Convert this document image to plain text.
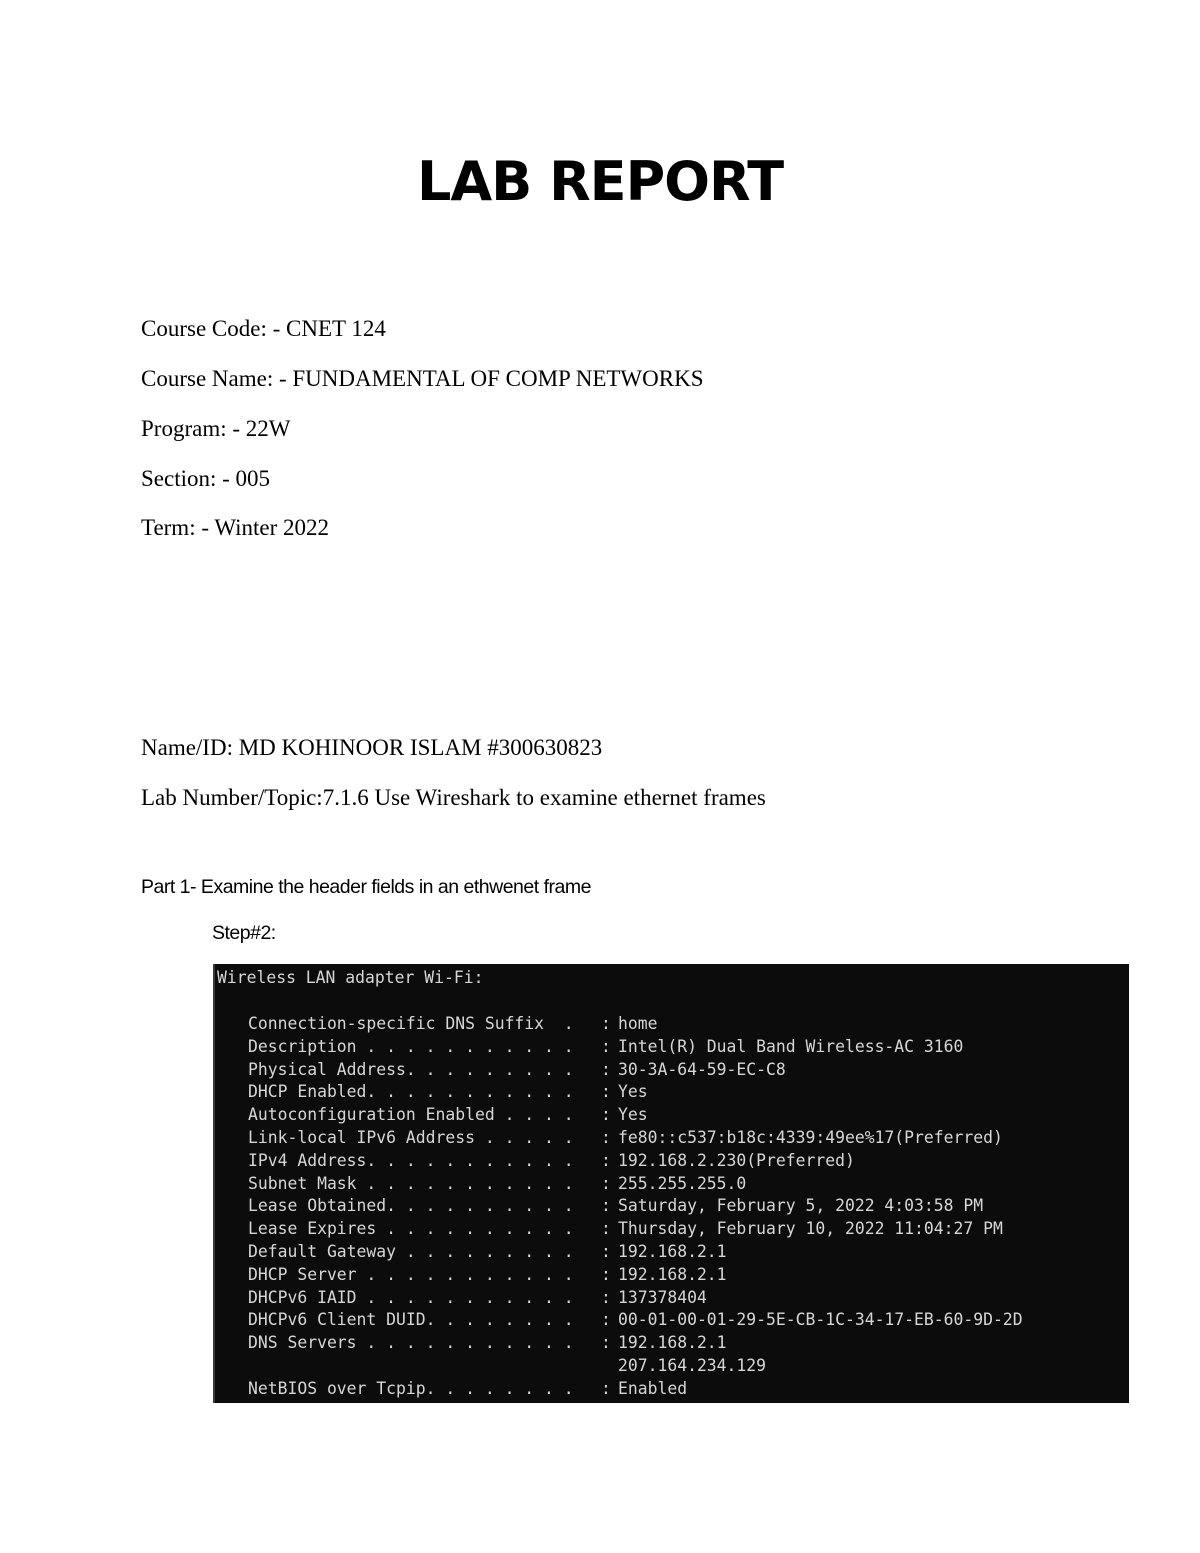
LAB REPORT

Course Code: - CNET 124

Course Name: - FUNDAMENTAL OF COMP NETWORKS

Program: - 22W

Section: - 005

Term: - Winter 2022

Name/ID: MD KOHINOOR ISLAM #300630823

Lab Number/Topic:7.1.6 Use Wireshark to examine ethernet frames

Part 1- Examine the header fields in an ethwenet frame

Step#2:

Wireless LAN adapter Wi-Fi:
Connection-specific DNS Suffix  .	: home
Description . . . . . . . . . . .	: Intel(R) Dual Band Wireless-AC 3160
Physical Address. . . . . . . . .	: 30-3A-64-59-EC-C8
DHCP Enabled. . . . . . . . . . .	: Yes
Autoconfiguration Enabled . . . .	: Yes
Link-local IPv6 Address . . . . .	: fe80::c537:b18c:4339:49ee%17(Preferred)
IPv4 Address. . . . . . . . . . .	: 192.168.2.230(Preferred)
Subnet Mask . . . . . . . . . . .	: 255.255.255.0
Lease Obtained. . . . . . . . . .	: Saturday, February 5, 2022 4:03:58 PM
Lease Expires . . . . . . . . . .	: Thursday, February 10, 2022 11:04:27 PM
Default Gateway . . . . . . . . .	: 192.168.2.1
DHCP Server . . . . . . . . . . .	: 192.168.2.1
DHCPv6 IAID . . . . . . . . . . .	: 137378404
DHCPv6 Client DUID. . . . . . . .	: 00-01-00-01-29-5E-CB-1C-34-17-EB-60-9D-2D
DNS Servers . . . . . . . . . . .	: 192.168.2.1
207.164.234.129
NetBIOS over Tcpip. . . . . . . .	: Enabled
